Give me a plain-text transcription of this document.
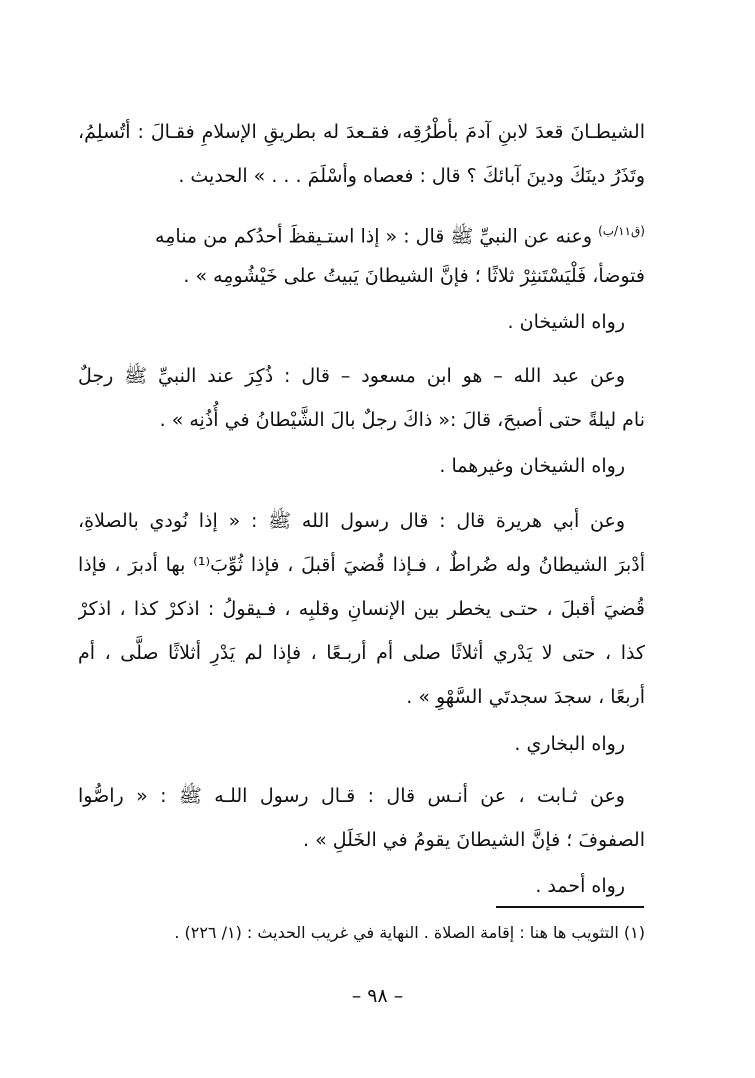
الشيطـانَ قعدَ لابنِ آدمَ بأطْرُقِه، فقـعدَ له بطريقِ الإسلامِ فقـالَ : أتُسلِمُ،
وتَذَرُ دينَكَ ودينَ آبائكَ ؟ قال : فعصاه وأسْلَمَ . . . » الحديث .
$^{(ق١١/ب)}$ وعنه عن النبيِّ ﷺ قال : « إذا استـيقظَ أحدُكم من منامِه
فتوضأ، فَلْيَسْتَنثِرْ ثلاثًا ؛ فإنَّ الشيطانَ يَبيتُ على خَيْشُومِه » .
رواه الشيخان .
وعن عبد الله – هو ابن مسعود – قال : ذُكِرَ عند النبيِّ ﷺ رجلٌ
نام ليلةً حتى أصبحَ، قالَ :« ذاكَ رجلٌ بالَ الشَّيْطانُ في أُذُنِه » .
رواه الشيخان وغيرهما .
وعن أبي هريرة قال : قال رسول الله ﷺ : « إذا نُودي بالصلاةِ،
أدْبرَ الشيطانُ وله ضُراطٌ ، فـإذا قُضيَ أقبلَ ، فإذا ثُوِّبَ⁽¹⁾ بها أدبرَ ، فإذا
قُضيَ أقبلَ ، حتـى يخطر بين الإنسانِ وقلبِه ، فـيقولُ : اذكرْ كذا ، اذكرْ
كذا ، حتى لا يَدْري أثلاثًا صلى أم أربـعًا ، فإذا لم يَدْرِ أثلاثًا صلَّى ، أم
أربعًا ، سجدَ سجدتَي السَّهْوِ » .
رواه البخاري .
وعن ثـابت ، عن أنـس قال : قـال رسول اللـه ﷺ : « راصُّوا
الصفوفَ ؛ فإنَّ الشيطانَ يقومُ في الخَلَلِ » .
رواه أحمد .
(١) التثويب ها هنا : إقامة الصلاة . النهاية في غريب الحديث : (١/ ٢٢٦) .
– ٩٨ –
